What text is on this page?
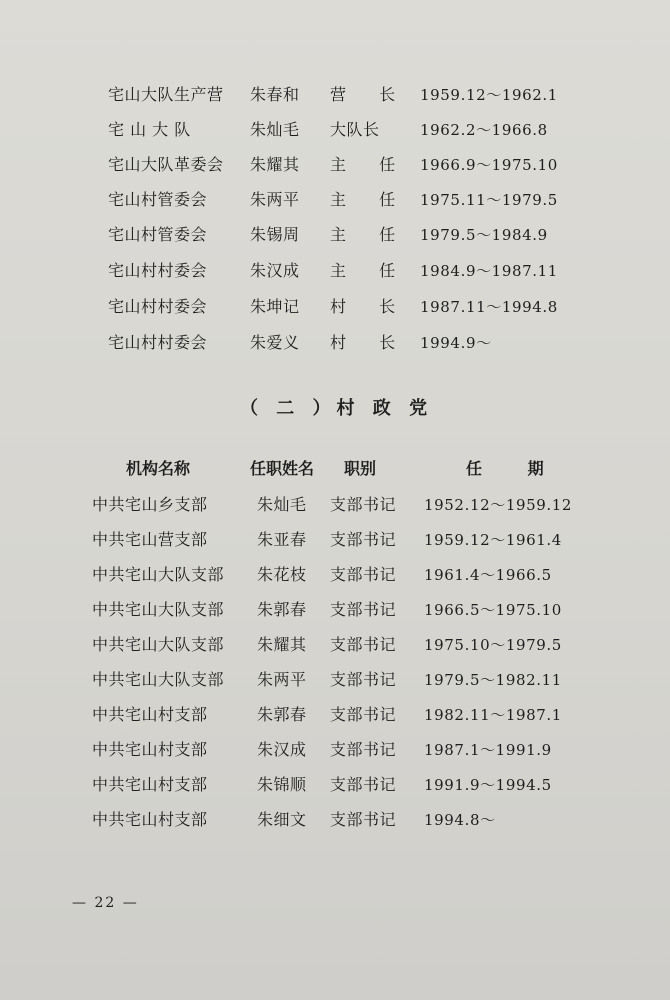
宅山大队生产营 朱春和 营 长 1959.12～1962.1
宅 山 大 队	朱灿毛 大队长	1962.2～1966.8
宅山大队革委会 朱耀其 主 任 1966.9～1975.10
宅山村管委会	朱两平 主 任 1975.11～1979.5
宅山村管委会	朱锡周 主 任 1979.5～1984.9
宅山村村委会	朱汉成 主 任 1984.9～1987.11
宅山村村委会	朱坤记 村 长 1987.11～1994.8
宅山村村委会	朱爱义 村 长 1994.9～
（ 二 ）村 政 党
机构名称	任职姓名 职别	任 期
中共宅山乡支部	朱灿毛 支部书记 1952.12～1959.12
中共宅山营支部	朱亚春 支部书记 1959.12～1961.4
中共宅山大队支部 朱花枝 支部书记 1961.4～1966.5
中共宅山大队支部 朱郭春 支部书记 1966.5～1975.10
中共宅山大队支部 朱耀其 支部书记 1975.10～1979.5
中共宅山大队支部 朱两平 支部书记 1979.5～1982.11
中共宅山村支部	朱郭春 支部书记 1982.11～1987.1
中共宅山村支部	朱汉成 支部书记 1987.1～1991.9
中共宅山村支部	朱锦顺 支部书记 1991.9～1994.5
中共宅山村支部	朱细文 支部书记 1994.8～
— 22 —
